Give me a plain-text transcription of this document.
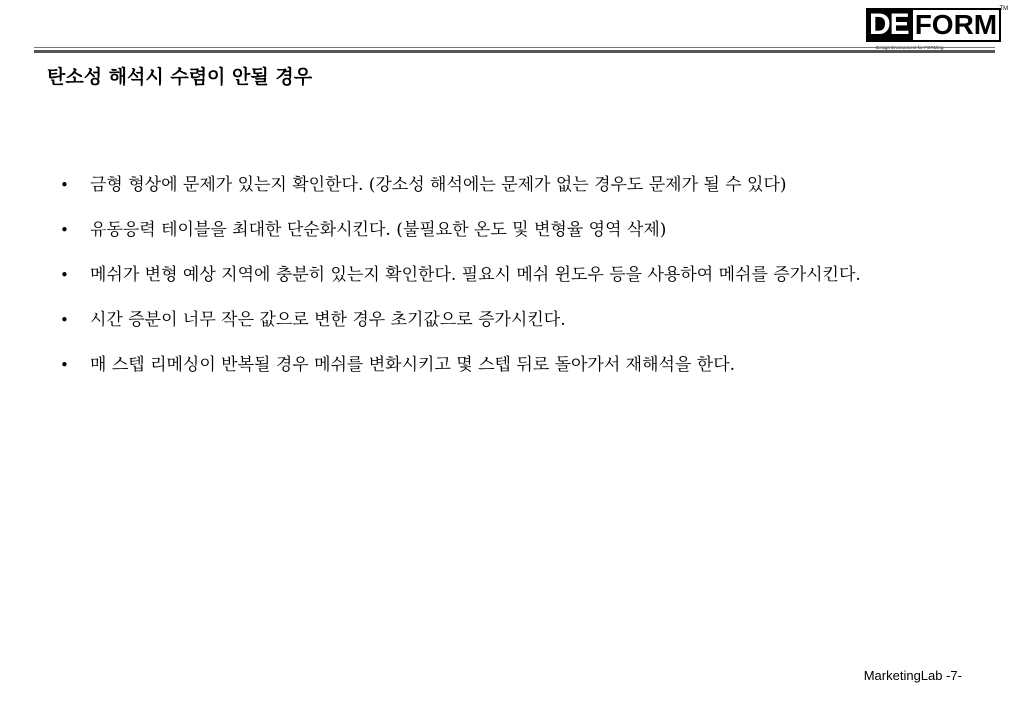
DE FORM TM
Design Environment for FORMing
탄소성 해석시 수렴이 안될 경우
• 금형 형상에 문제가 있는지 확인한다. (강소성 해석에는 문제가 없는 경우도 문제가 될 수 있다)
• 유동응력 테이블을 최대한 단순화시킨다. (불필요한 온도 및 변형율 영역 삭제)
• 메쉬가 변형 예상 지역에 충분히 있는지 확인한다. 필요시 메쉬 윈도우 등을 사용하여 메쉬를 증가시킨다.
• 시간 증분이 너무 작은 값으로 변한 경우 초기값으로 증가시킨다.
• 매 스텝 리메싱이 반복될 경우 메쉬를 변화시키고 몇 스텝 뒤로 돌아가서 재해석을 한다.
MarketingLab -7-
